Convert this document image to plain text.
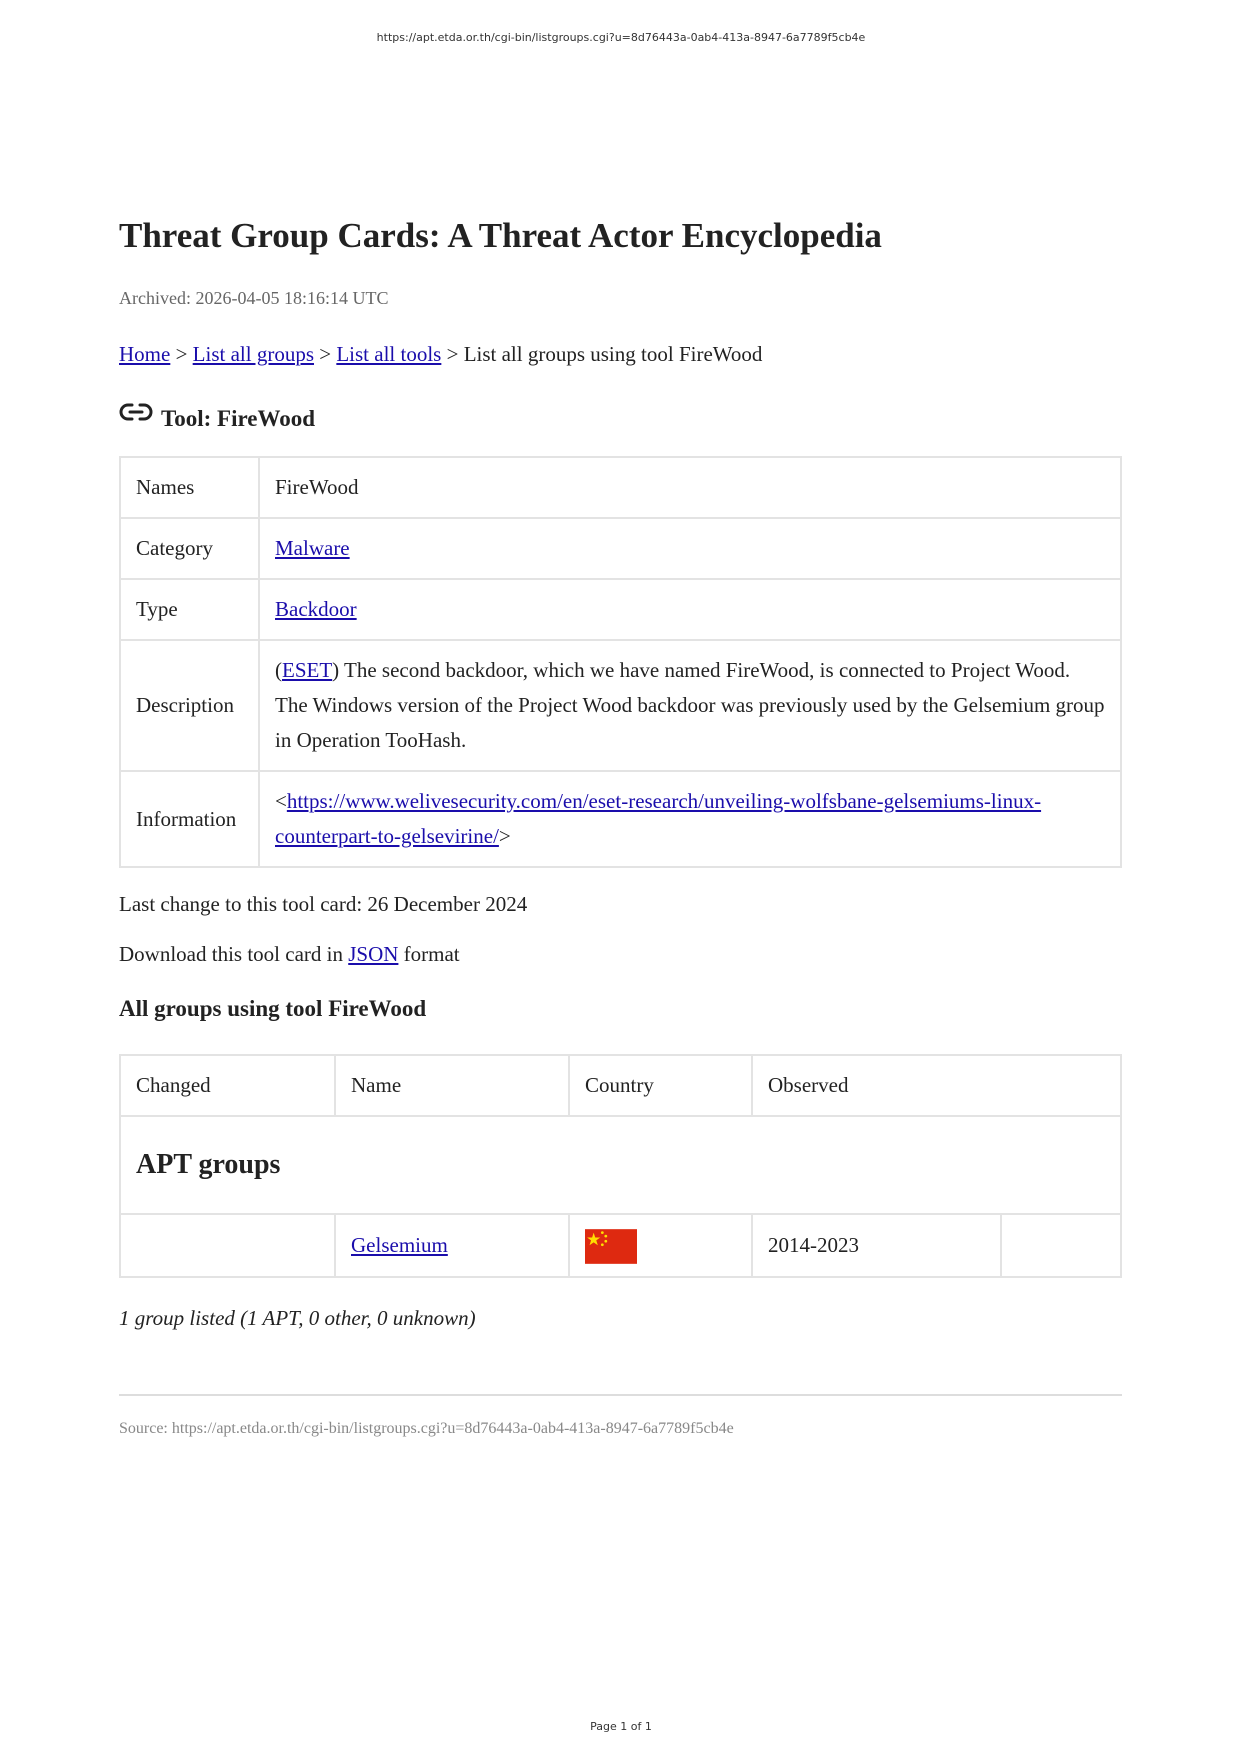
https://apt.etda.or.th/cgi-bin/listgroups.cgi?u=8d76443a-0ab4-413a-8947-6a7789f5cb4e
Threat Group Cards: A Threat Actor Encyclopedia
Archived: 2026-04-05 18:16:14 UTC
Home > List all groups > List all tools > List all groups using tool FireWood
Tool: FireWood
Names	FireWood
Category	Malware
Type	Backdoor
Description	(ESET) The second backdoor, which we have named FireWood, is connected to Project Wood. The Windows version of the Project Wood backdoor was previously used by the Gelsemium group in Operation TooHash.
Information	<https://www.welivesecurity.com/en/eset-research/unveiling-wolfsbane-gelsemiums-linux-counterpart-to-gelsevirine/>
Last change to this tool card: 26 December 2024
Download this tool card in JSON format
All groups using tool FireWood
Changed	Name	Country	Observed	
APT groups				
	Gelsemium		2014-2023	
1 group listed (1 APT, 0 other, 0 unknown)
Source: https://apt.etda.or.th/cgi-bin/listgroups.cgi?u=8d76443a-0ab4-413a-8947-6a7789f5cb4e
Page 1 of 1
